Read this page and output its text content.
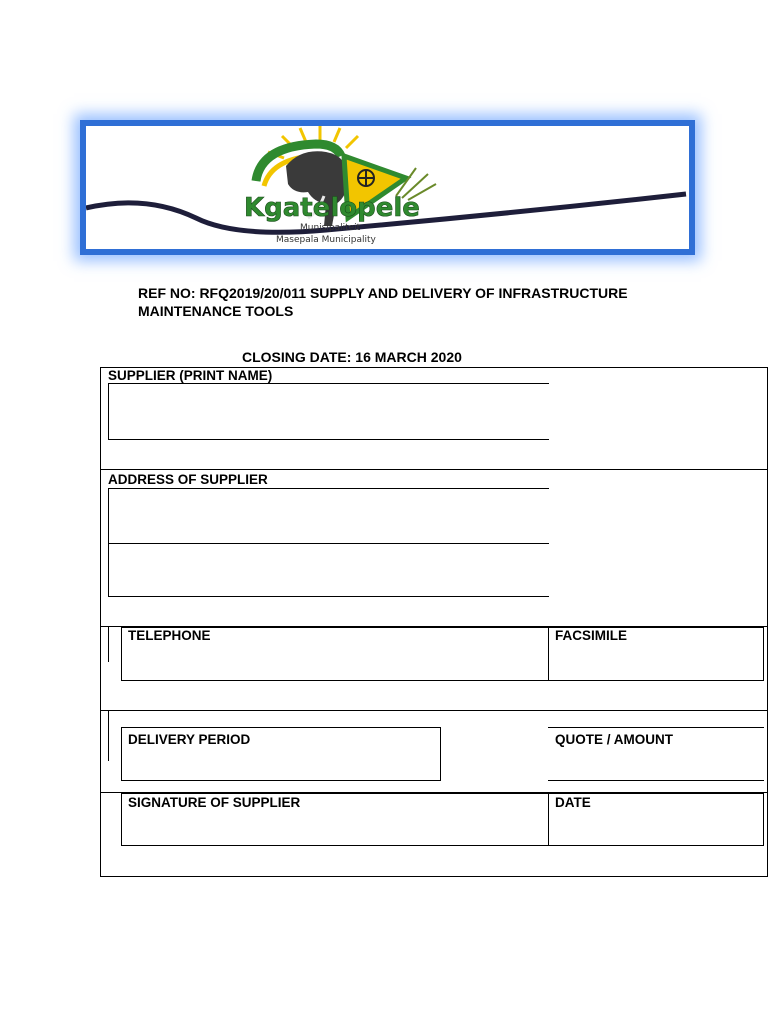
Kgatelopele
Munisipaliteit
Masepala Municipality
REF NO: RFQ2019/20/011 SUPPLY AND DELIVERY OF INFRASTRUCTURE
MAINTENANCE TOOLS
CLOSING DATE: 16 MARCH 2020
SUPPLIER (PRINT NAME)
ADDRESS OF SUPPLIER
TELEPHONE	FACSIMILE
DELIVERY PERIOD	QUOTE / AMOUNT
SIGNATURE OF SUPPLIER	DATE
